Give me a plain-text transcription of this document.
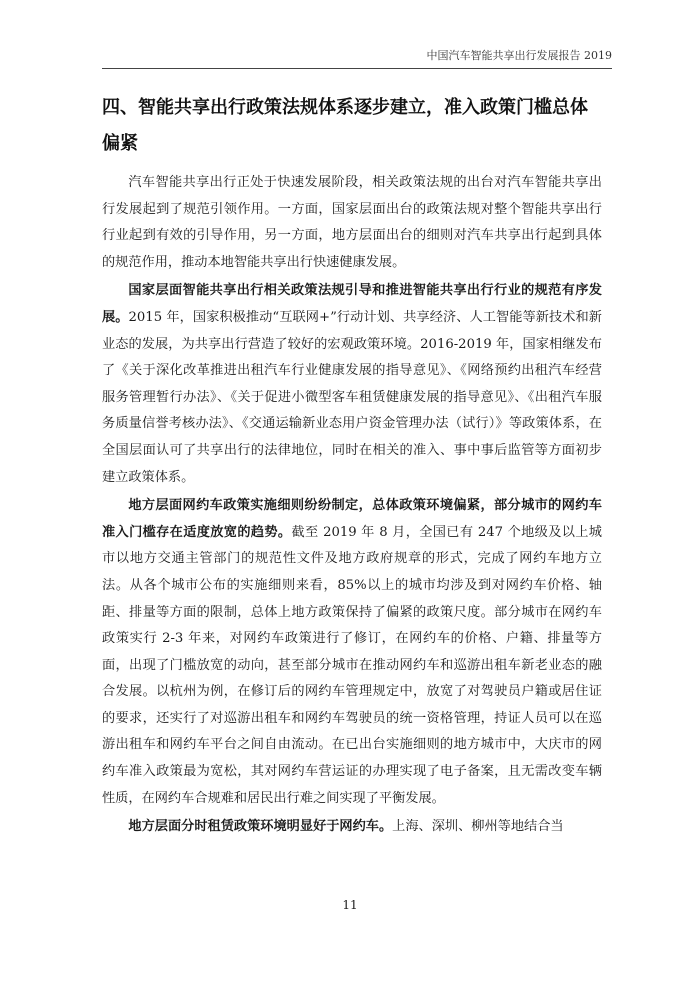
中国汽车智能共享出行发展报告 2019
四、智能共享出行政策法规体系逐步建立，准入政策门槛总体偏紧

汽车智能共享出行正处于快速发展阶段，相关政策法规的出台对汽车智能共享出行发展起到了规范引领作用。一方面，国家层面出台的政策法规对整个智能共享出行行业起到有效的引导作用，另一方面，地方层面出台的细则对汽车共享出行起到具体的规范作用，推动本地智能共享出行快速健康发展。

国家层面智能共享出行相关政策法规引导和推进智能共享出行行业的规范有序发展。2015 年，国家积极推动“互联网+”行动计划、共享经济、人工智能等新技术和新业态的发展，为共享出行营造了较好的宏观政策环境。2016-2019 年，国家相继发布了《关于深化改革推进出租汽车行业健康发展的指导意见》、《网络预约出租汽车经营服务管理暂行办法》、《关于促进小微型客车租赁健康发展的指导意见》、《出租汽车服务质量信誉考核办法》、《交通运输新业态用户资金管理办法（试行）》等政策体系，在全国层面认可了共享出行的法律地位，同时在相关的准入、事中事后监管等方面初步建立政策体系。

地方层面网约车政策实施细则纷纷制定，总体政策环境偏紧，部分城市的网约车准入门槛存在适度放宽的趋势。截至 2019 年 8 月，全国已有 247 个地级及以上城市以地方交通主管部门的规范性文件及地方政府规章的形式，完成了网约车地方立法。从各个城市公布的实施细则来看，85%以上的城市均涉及到对网约车价格、轴距、排量等方面的限制，总体上地方政策保持了偏紧的政策尺度。部分城市在网约车政策实行 2-3 年来，对网约车政策进行了修订，在网约车的价格、户籍、排量等方面，出现了门槛放宽的动向，甚至部分城市在推动网约车和巡游出租车新老业态的融合发展。以杭州为例，在修订后的网约车管理规定中，放宽了对驾驶员户籍或居住证的要求，还实行了对巡游出租车和网约车驾驶员的统一资格管理，持证人员可以在巡游出租车和网约车平台之间自由流动。在已出台实施细则的地方城市中，大庆市的网约车准入政策最为宽松，其对网约车营运证的办理实现了电子备案，且无需改变车辆性质，在网约车合规难和居民出行难之间实现了平衡发展。

地方层面分时租赁政策环境明显好于网约车。上海、深圳、柳州等地结合当

11
